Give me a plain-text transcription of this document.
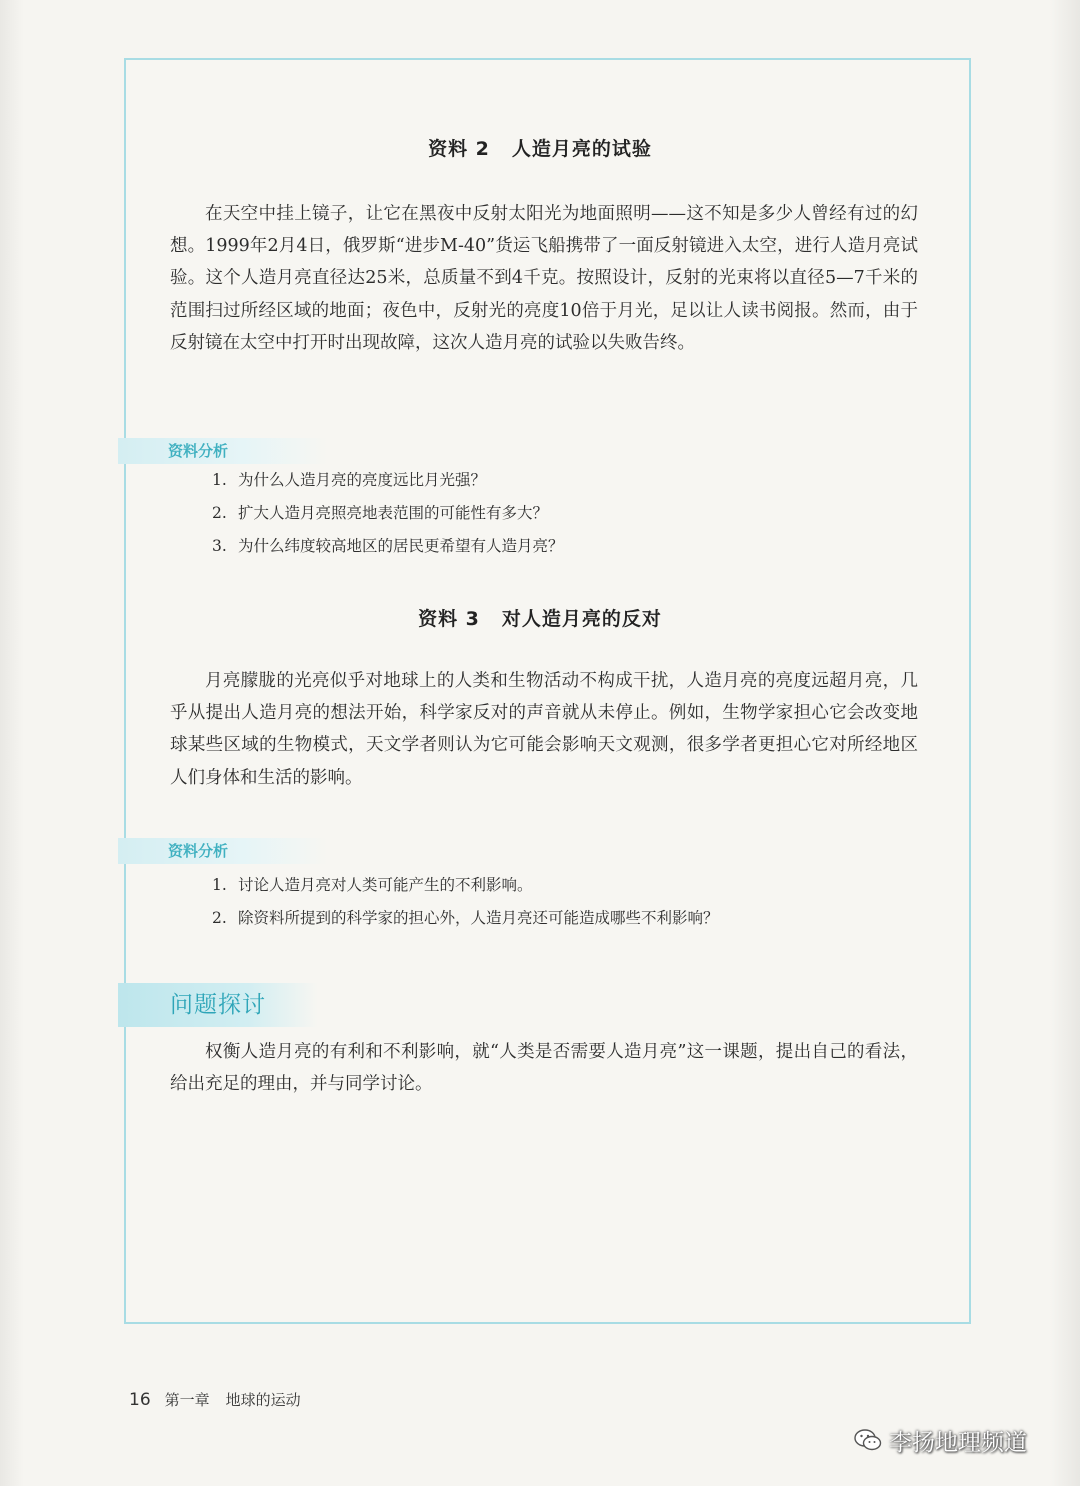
资料 2 人造月亮的试验

在天空中挂上镜子，让它在黑夜中反射太阳光为地面照明——这不知是多少人曾经有过的幻想。1999年2月4日，俄罗斯“进步M-40”货运飞船携带了一面反射镜进入太空，进行人造月亮试验。这个人造月亮直径达25米，总质量不到4千克。按照设计，反射的光束将以直径5—7千米的范围扫过所经区域的地面；夜色中，反射光的亮度10倍于月光，足以让人读书阅报。然而，由于反射镜在太空中打开时出现故障，这次人造月亮的试验以失败告终。

资料分析
1. 为什么人造月亮的亮度远比月光强？
2. 扩大人造月亮照亮地表范围的可能性有多大？
3. 为什么纬度较高地区的居民更希望有人造月亮？
资料 3 对人造月亮的反对

月亮朦胧的光亮似乎对地球上的人类和生物活动不构成干扰，人造月亮的亮度远超月亮，几乎从提出人造月亮的想法开始，科学家反对的声音就从未停止。例如，生物学家担心它会改变地球某些区域的生物模式，天文学者则认为它可能会影响天文观测，很多学者更担心它对所经地区人们身体和生活的影响。

资料分析
1. 讨论人造月亮对人类可能产生的不利影响。
2. 除资料所提到的科学家的担心外，人造月亮还可能造成哪些不利影响？
问题探讨

权衡人造月亮的有利和不利影响，就“人类是否需要人造月亮”这一课题，提出自己的看法，给出充足的理由，并与同学讨论。

16 第一章 地球的运动
李扬地理频道
